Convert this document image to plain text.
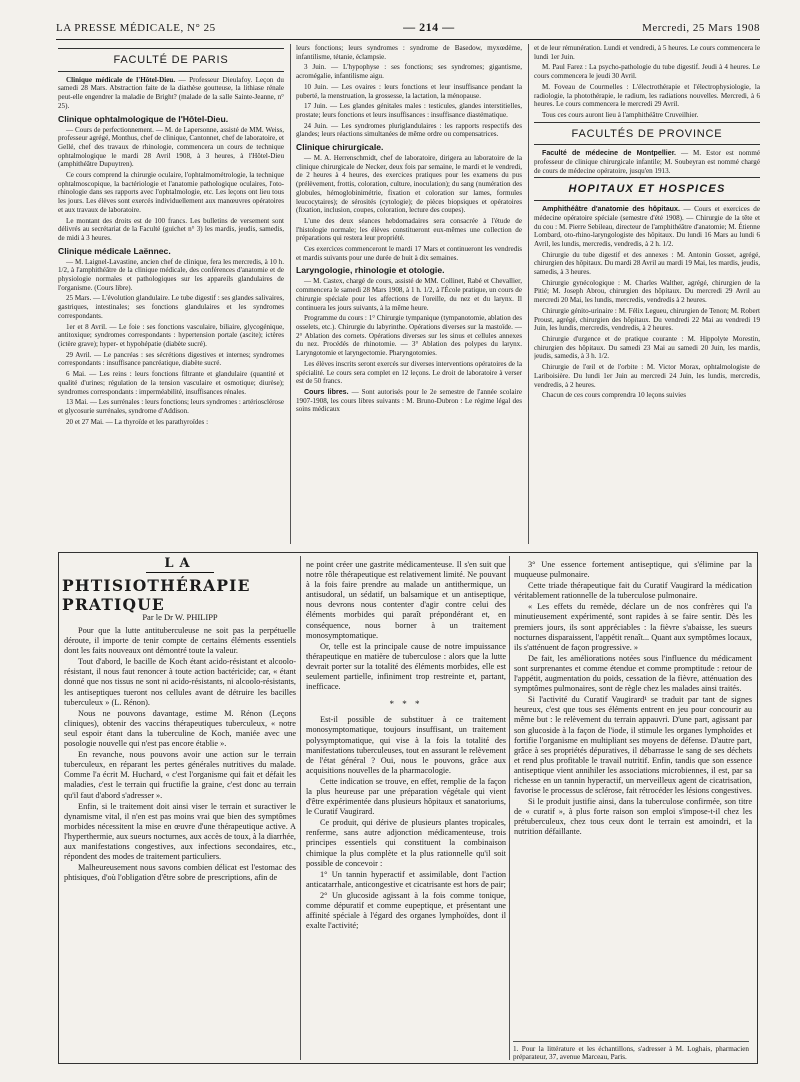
LA PRESSE MÉDICALE, N° 25	— 214 —	Mercredi, 25 Mars 1908
FACULTÉ DE PARIS

Clinique médicale de l'Hôtel-Dieu. — Professeur Dieulafoy. Leçon du samedi 28 Mars. Abstraction faite de la diathèse goutteuse, la lithiase rénale peut-elle engendrer la maladie de Bright? (malade de la salle Sainte-Jeanne, n° 25).

Clinique ophtalmologique de l'Hôtel-Dieu.

— Cours de perfectionnement. — M. de Lapersonne, assisté de MM. Weiss, professeur agrégé, Monthus, chef de clinique, Cantonnet, chef de laboratoire, et Gellé, chef des travaux de rhinologie, commencera un cours de technique ophtalmologique le mardi 28 Avril 1908, à 3 heures, à l'Hôtel-Dieu (amphithéâtre Dupuytren).

Ce cours comprend la chirurgie oculaire, l'ophtalmométrologie, la technique ophtalmoscopique, la bactériologie et l'anatomie pathologique oculaires, l'oto-rhinologie dans ses rapports avec l'ophtalmologie, etc. Les leçons ont lieu tous les jours. Les élèves sont exercés individuellement aux manœuvres opératoires et aux travaux de laboratoire.

Le montant des droits est de 100 francs. Les bulletins de versement sont délivrés au secrétariat de la Faculté (guichet n° 3) les mardis, jeudis, samedis, de midi à 3 heures.

Clinique médicale Laënnec.

— M. Laignel-Lavastine, ancien chef de clinique, fera les mercredis, à 10 h. 1/2, à l'amphithéâtre de la clinique médicale, des conférences d'anatomie et de physiologie normales et pathologiques sur les appareils glandulaires de l'organisme. (Cours libre).

25 Mars. — L'évolution glandulaire. Le tube digestif : ses glandes salivaires, gastriques, intestinales; ses fonctions glandulaires et les syndromes correspondants.

1er et 8 Avril. — Le foie : ses fonctions vasculaire, biliaire, glycogénique, antitoxique; syndromes correspondants : hypertension portale (ascite); ictères (ictère grave); hyper- et hypohépatie (diabète sucré).

29 Avril. — Le pancréas : ses sécrétions digestives et internes; syndromes correspondants : insuffisance pancréatique, diabète sucré.

6 Mai. — Les reins : leurs fonctions filtrante et glandulaire (quantité et qualité d'urines; régulation de la tension vasculaire et osmotique; diurèse); syndromes correspondants : imperméabilité, insuffisances rénales.

13 Mai. — Les surrénales : leurs fonctions; leurs syndromes : artériosclérose et glycosurie surrénales, syndrome d'Addison.

20 et 27 Mai. — La thyroïde et les parathyroïdes :

leurs fonctions; leurs syndromes : syndrome de Basedow, myxœdème, infantilisme, tétanie, éclampsie.

3 Juin. — L'hypophyse : ses fonctions; ses syndromes; gigantisme, acromégalie, infantilisme aigu.

10 Juin. — Les ovaires : leurs fonctions et leur insuffisance pendant la puberté, la menstruation, la grossesse, la lactation, la ménopause.

17 Juin. — Les glandes génitales males : testicules, glandes interstitielles, prostate; leurs fonctions et leurs insuffisances : insuffisance diastématique.

24 Juin. — Les syndromes pluriglandulaires : les rapports respectifs des glandes; leurs réactions simultanées de même ordre ou compensatrices.

Clinique chirurgicale.

— M. A. Herrenschmidt, chef de laboratoire, dirigera au laboratoire de la clinique chirurgicale de Necker, deux fois par semaine, le mardi et le vendredi, de 2 heures à 4 heures, des exercices pratiques pour les examens du pus (prélèvement, frottis, coloration, culture, inoculation); du sang (numération des globules, hémoglobinimétrie, fixation et coloration sur lames, formules leucocytaires); de sérosités (cytologie); de pièces biopsiques et opératoires (fixation, inclusion, coupes, coloration, lecture des coupes).

L'une des deux séances hebdomadaires sera consacrée à l'étude de l'histologie normale; les élèves constitueront eux-mêmes une collection de préparations qui restera leur propriété.

Ces exercices commenceront le mardi 17 Mars et continueront les vendredis et mardis suivants pour une durée de huit à dix semaines.

Laryngologie, rhinologie et otologie.

— M. Castex, chargé de cours, assisté de MM. Collinet, Rabé et Chevallier, commencera le samedi 28 Mars 1908, à 1 h. 1/2, à l'École pratique, un cours de chirurgie spéciale pour les affections de l'oreille, du nez et du larynx. Il continuera les jours suivants, à la même heure.

Programme du cours : 1° Chirurgie tympanique (tympanotomie, ablation des osselets, etc.). Chirurgie du labyrinthe. Opérations diverses sur la mastoïde. — 2° Ablation des cornets. Opérations diverses sur les sinus et cellules annexes du nez. Procédés de rhinotomie. — 3° Ablation des polypes du larynx. Laryngotomie et laryngectomie. Pharyngotomies.

Les élèves inscrits seront exercés sur diverses interventions opératoires de la spécialité. Le cours sera complet en 12 leçons. Le droit de laboratoire à verser est de 50 francs.

Cours libres. — Sont autorisés pour le 2e semestre de l'année scolaire 1907-1908, les cours libres suivants : M. Bruno-Dubron : Le régime légal des soins médicaux

et de leur rémunération. Lundi et vendredi, à 5 heures. Le cours commencera le lundi 1er Juin.

M. Paul Farez : La psycho-pathologie du tube digestif. Jeudi à 4 heures. Le cours commencera le jeudi 30 Avril.

M. Foveau de Courmelles : L'électrothérapie et l'électrophysiologie, la radiologie, la photothérapie, le radium, les radiations nouvelles. Mercredi, à 6 heures. Le cours commencera le mercredi 29 Avril.

Tous ces cours auront lieu à l'amphithéâtre Cruveilhier.

FACULTÉS DE PROVINCE

Faculté de médecine de Montpellier. — M. Estor est nommé professeur de clinique chirurgicale infantile; M. Soubeyran est nommé chargé de cours de médecine opératoire, jusqu'en 1913.

HOPITAUX ET HOSPICES

Amphithéâtre d'anatomie des hôpitaux. — Cours et exercices de médecine opératoire spéciale (semestre d'été 1908). — Chirurgie de la tête et du cou : M. Pierre Sebileau, directeur de l'amphithéâtre d'anatomie; M. Étienne Lombard, oto-rhino-laryngologiste des hôpitaux. Du lundi 16 Mars au lundi 6 Avril, les lundis, mercredis, vendredis, à 2 h. 1/2.

Chirurgie du tube digestif et des annexes : M. Antonin Gosset, agrégé, chirurgien des hôpitaux. Du mardi 28 Avril au mardi 19 Mai, les mardis, jeudis, samedis, à 3 heures.

Chirurgie gynécologique : M. Charles Walther, agrégé, chirurgien de la Pitié; M. Joseph Abrou, chirurgien des hôpitaux. Du mercredi 29 Avril au mercredi 20 Mai, les lundis, mercredis, vendredis à 2 heures.

Chirurgie génito-urinaire : M. Félix Legueu, chirurgien de Tenon; M. Robert Proust, agrégé, chirurgien des hôpitaux. Du vendredi 22 Mai au vendredi 19 Juin, les lundis, mercredis, vendredis, à 2 heures.

Chirurgie d'urgence et de pratique courante : M. Hippolyte Morestin, chirurgien des hôpitaux. Du samedi 23 Mai au samedi 20 Juin, les mardis, jeudis, samedis, à 3 h. 1/2.

Chirurgie de l'œil et de l'orbite : M. Victor Morax, ophtalmologiste de Lariboisière. Du lundi 1er Juin au mercredi 24 Juin, les lundis, mercredis, vendredis, à 2 heures.

Chacun de ces cours comprendra 10 leçons suivies

LA
PHTISIOTHÉRAPIE PRATIQUE
Par le Dr W. PHILIPP

Pour que la lutte antituberculeuse ne soit pas la perpétuelle déroute, il importe de tenir compte de certains éléments essentiels dont les faits nouveaux ont démontré toute la valeur.

Tout d'abord, le bacille de Koch étant acido-résistant et alcoolo-résistant, il nous faut renoncer à toute action bactéricide; car, « étant donné que nos tissus ne sont ni acido-résistants, ni alcoolo-résistants, les antiseptiques tueront nos cellules avant de détruire les bacilles tuberculeux » (L. Rénon).

Nous ne pouvons davantage, estime M. Rénon (Leçons cliniques), obtenir des vaccins thérapeutiques tuberculeux, « notre seul espoir étant dans la tuberculine de Koch, maniée avec une posologie nouvelle qui n'est pas encore établie ».

En revanche, nous pouvons avoir une action sur le terrain tuberculeux, en réparant les pertes générales nutritives du malade. Comme l'a écrit M. Huchard, « c'est l'organisme qui fait et défait les maladies, c'est le terrain qui fructifie la graine, c'est donc au terrain qu'il faut d'abord s'adresser ».

Enfin, si le traitement doit ainsi viser le terrain et suractiver le dynamisme vital, il n'en est pas moins vrai que bien des symptômes morbides nécessitent la mise en œuvre d'une thérapeutique active. A l'hyperthermie, aux sueurs nocturnes, aux accès de toux, à la diarrhée, aux manifestations congestives, aux infections secondaires, etc., répondent des modes de traitement particuliers.

Malheureusement nous savons combien délicat est l'estomac des phtisiques, d'où l'obligation d'être sobre de prescriptions, afin de

ne point créer une gastrite médicamenteuse. Il s'en suit que notre rôle thérapeutique est relativement limité. Ne pouvant à la fois faire prendre au malade un antithermique, un antisudoral, un sédatif, un balsamique et un antiseptique, nous devrons nous contenter d'agir contre celui des éléments morbides qui paraît prépondérant et, en conséquence, nous borner à un traitement monosymptomatique.

Or, telle est la principale cause de notre impuissance thérapeutique en matière de tuberculose : alors que la lutte devrait porter sur la totalité des éléments morbides, elle est seulement partielle, infiniment trop restreinte et, partant, inefficace.

* * *

Est-il possible de substituer à ce traitement monosymptomatique, toujours insuffisant, un traitement polysymptomatique, qui vise à la fois la totalité des manifestations tuberculeuses, tout en assurant le relèvement de l'état général ? Oui, nous le pouvons, grâce aux acquisitions nouvelles de la pharmacologie.

Cette indication se trouve, en effet, remplie de la façon la plus heureuse par une préparation végétale qui vient d'être expérimentée dans plusieurs hôpitaux et sanatoriums, le Curatif Vaugirard.

Ce produit, qui dérive de plusieurs plantes tropicales, renferme, sans autre adjonction médicamenteuse, trois principes essentiels qui constituent la combinaison chimique la plus complète et la plus rationnelle qu'il soit possible de concevoir :

1° Un tannin hyperactif et assimilable, dont l'action anticatarrhale, anticongestive et cicatrisante est hors de pair;

2° Un glucoside agissant à la fois comme tonique, comme dépuratif et comme eupeptique, et présentant une affinité spéciale à l'égard des organes lymphoïdes, dont il exalte l'activité;

3° Une essence fortement antiseptique, qui s'élimine par la muqueuse pulmonaire.

Cette triade thérapeutique fait du Curatif Vaugirard la médication véritablement rationnelle de la tuberculose pulmonaire.

« Les effets du remède, déclare un de nos confrères qui l'a minutieusement expérimenté, sont rapides à se faire sentir. Dès les premiers jours, ils sont appréciables : la fièvre s'abaisse, les sueurs nocturnes disparaissent, l'appétit renaît... Quant aux symptômes locaux, ils s'atténuent de façon progressive. »

De fait, les améliorations notées sous l'influence du médicament sont surprenantes et comme étendue et comme promptitude : retour de l'appétit, augmentation du poids, cessation de la fièvre, atténuation des symptômes pulmonaires, sont de règle chez les malades ainsi traités.

Si l'activité du Curatif Vaugirard¹ se traduit par tant de signes heureux, c'est que tous ses éléments entrent en jeu pour concourir au même but : le relèvement du terrain appauvri. D'une part, agissant par son glucoside à la façon de l'iode, il stimule les organes lymphoïdes et fortifie l'organisme en multipliant ses moyens de défense. D'autre part, grâce à ses propriétés dépuratives, il débarrasse le sang de ses déchets et rend plus profitable le travail nutritif. Enfin, tandis que son essence antiseptique vient annihiler les associations microbiennes, il est, par sa richesse en un tannin hyperactif, un merveilleux agent de cicatrisation, favorise le processus de sclérose, fait rétrocéder les lésions congestives.

Si le produit justifie ainsi, dans la tuberculose confirmée, son titre de « curatif », à plus forte raison son emploi s'impose-t-il chez les prétuberculeux, chez tous ceux dont le terrain est amoindri, et la nutrition défaillante.

1. Pour la littérature et les échantillons, s'adresser à M. Loghais, pharmacien préparateur, 37, avenue Marceau, Paris.
